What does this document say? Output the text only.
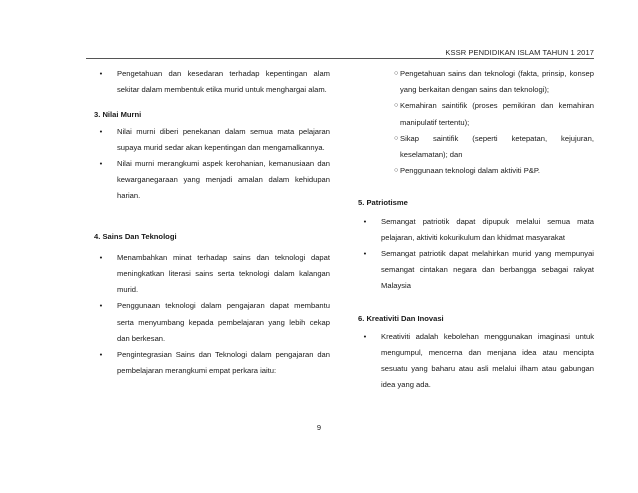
KSSR PENDIDIKAN ISLAM TAHUN 1 2017

•	Pengetahuan dan kesedaran terhadap kepentingan alam sekitar dalam membentuk etika murid untuk menghargai alam.

3. Nilai Murni

•	Nilai murni diberi penekanan dalam semua mata pelajaran supaya murid sedar akan kepentingan dan mengamalkannya.

•	Nilai murni merangkumi aspek kerohanian, kemanusiaan dan kewarganegaraan yang menjadi amalan dalam kehidupan harian.

4. Sains Dan Teknologi

•	Menambahkan minat terhadap sains dan teknologi dapat meningkatkan literasi sains serta teknologi dalam kalangan murid.

•	Penggunaan teknologi dalam pengajaran dapat membantu serta menyumbang kepada pembelajaran yang lebih cekap dan berkesan.

•	Pengintegrasian Sains dan Teknologi dalam pengajaran dan pembelajaran merangkumi empat perkara iaitu:

○ Pengetahuan sains dan teknologi (fakta, prinsip, konsep yang berkaitan dengan sains dan teknologi);

○ Kemahiran saintifik (proses pemikiran dan kemahiran manipulatif tertentu);

○ Sikap saintifik (seperti ketepatan, kejujuran, keselamatan); dan

○ Penggunaan teknologi dalam aktiviti P&P.

5. Patriotisme

•	Semangat patriotik dapat dipupuk melalui semua mata pelajaran, aktiviti kokurikulum dan khidmat masyarakat

•	Semangat patriotik dapat melahirkan murid yang mempunyai semangat cintakan negara dan berbangga sebagai rakyat Malaysia

6. Kreativiti Dan Inovasi

•	Kreativiti adalah kebolehan menggunakan imaginasi untuk mengumpul, mencerna dan menjana idea atau mencipta sesuatu yang baharu atau asli melalui ilham atau gabungan idea yang ada.

9
